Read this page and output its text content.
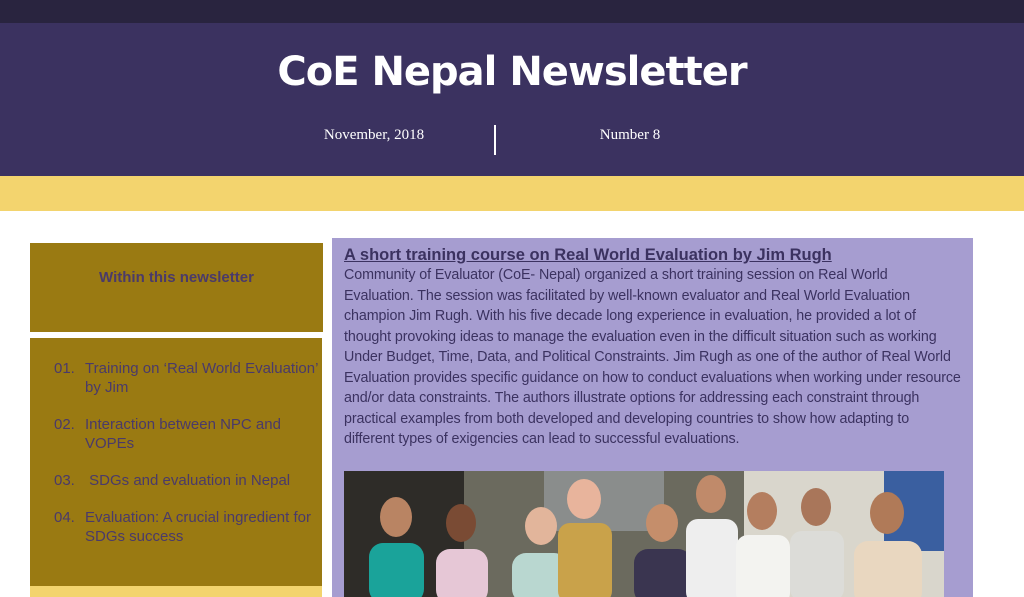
CoE Nepal Newsletter
November, 2018	Number 8
Within this newsletter
01. Training on ‘Real World Evaluation’ by Jim
02. Interaction between NPC and VOPEs
03. SDGs and evaluation in Nepal
04. Evaluation: A crucial ingredient for SDGs success
A short training course on Real World Evaluation by Jim Rugh
Community of Evaluator (CoE- Nepal) organized a short training session on Real World Evaluation. The session was facilitated by well-known evaluator and Real World Evaluation champion Jim Rugh. With his five decade long experience in evaluation, he provided a lot of thought provoking ideas to manage the evaluation even in the difficult situation such as working Under Budget, Time, Data, and Political Constraints. Jim Rugh as one of the author of Real World Evaluation provides specific guidance on how to conduct evaluations when working under resource and/or data constraints. The authors illustrate options for addressing each constraint through practical examples from both developed and developing countries to show how adapting to different types of exigencies can lead to successful evaluations.
